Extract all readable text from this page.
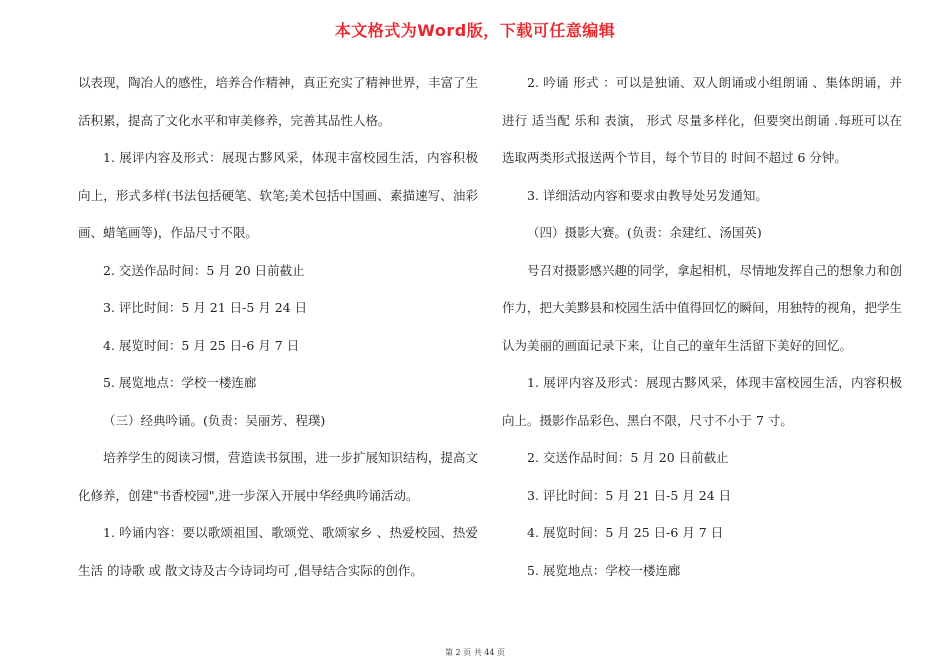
本文格式为Word版，下载可任意编辑

以表现，陶冶人的感性，培养合作精神，真正充实了精神世界，丰富了生活积累，提高了文化水平和审美修养，完善其品性人格。

1. 展评内容及形式：展现古黟风采，体现丰富校园生活，内容积极向上，形式多样(书法包括硬笔、软笔;美术包括中国画、素描速写、油彩画、蜡笔画等)，作品尺寸不限。

2. 交送作品时间：5 月 20 日前截止

3. 评比时间：5 月 21 日-5 月 24 日

4. 展览时间：5 月 25 日-6 月 7 日

5. 展览地点：学校一楼连廊

（三）经典吟诵。(负责：吴丽芳、程璞)

培养学生的阅读习惯，营造读书氛围，进一步扩展知识结构，提高文化修养，创建"书香校园",进一步深入开展中华经典吟诵活动。

1. 吟诵内容：要以歌颂祖国、歌颂党、歌颂家乡 、热爱校园、热爱生活 的诗歌 或 散文诗及古今诗词均可 ,倡导结合实际的创作。

2. 吟诵 形式 ：可以是独诵、双人朗诵或小组朗诵 、集体朗诵，并进行 适当配 乐和 表演， 形式 尽量多样化，但要突出朗诵 .每班可以在选取两类形式报送两个节目，每个节目的 时间不超过 6 分钟。

3. 详细活动内容和要求由教导处另发通知。

（四）摄影大赛。(负责：余建红、汤国英)

号召对摄影感兴趣的同学，拿起相机，尽情地发挥自己的想象力和创作力，把大美黟县和校园生活中值得回忆的瞬间，用独特的视角，把学生认为美丽的画面记录下来，让自己的童年生活留下美好的回忆。

1. 展评内容及形式：展现古黟风采，体现丰富校园生活，内容积极向上。摄影作品彩色、黑白不限，尺寸不小于 7 寸。

2. 交送作品时间：5 月 20 日前截止

3. 评比时间：5 月 21 日-5 月 24 日

4. 展览时间：5 月 25 日-6 月 7 日

5. 展览地点：学校一楼连廊

第 2 页 共 44 页
